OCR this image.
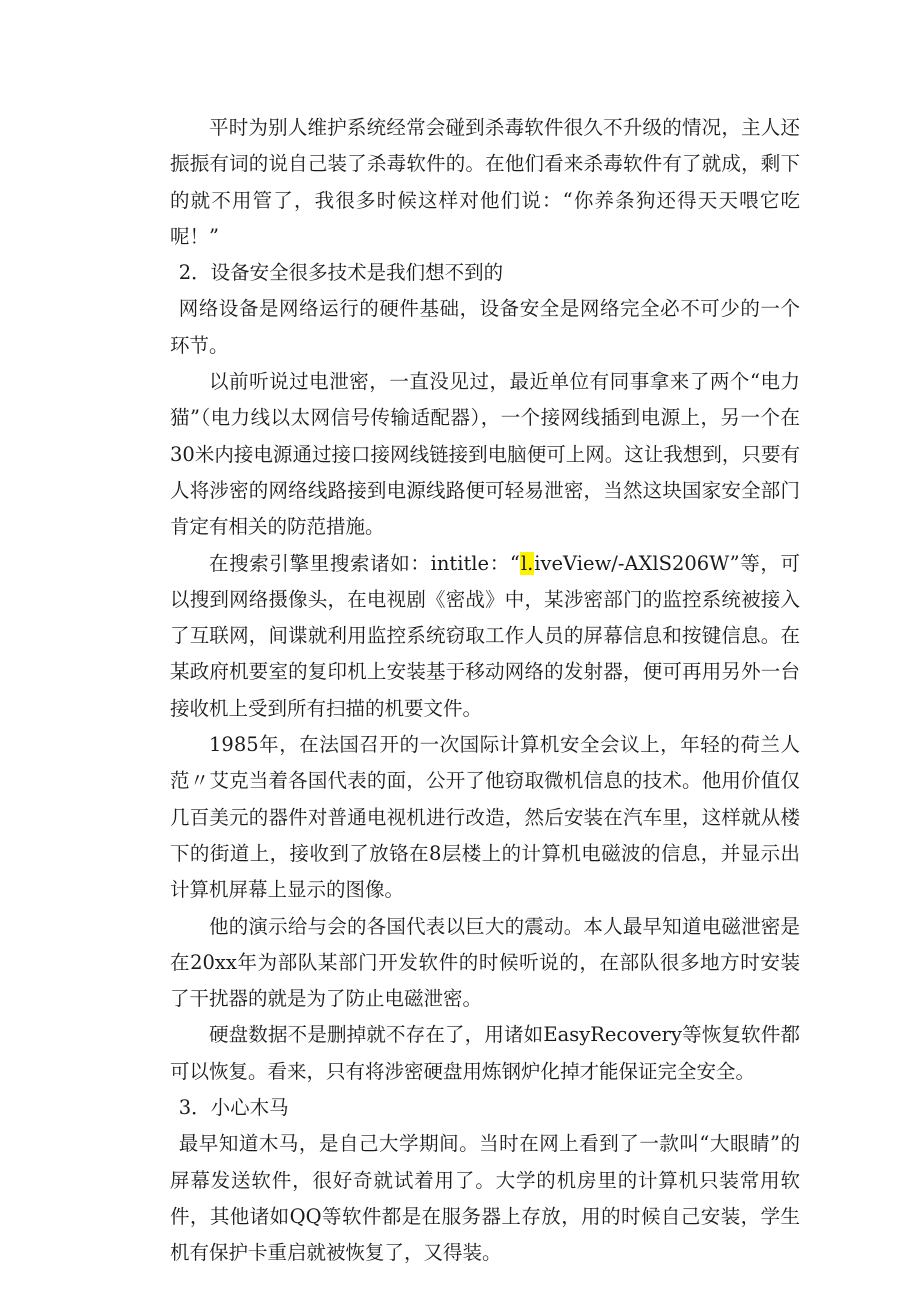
平时为别人维护系统经常会碰到杀毒软件很久不升级的情况，主人还振振有词的说自己装了杀毒软件的。在他们看来杀毒软件有了就成，剩下的就不用管了，我很多时候这样对他们说：“你养条狗还得天天喂它吃呢！”

2．设备安全很多技术是我们想不到的

网络设备是网络运行的硬件基础，设备安全是网络完全必不可少的一个环节。

以前听说过电泄密，一直没见过，最近单位有同事拿来了两个“电力猫”（电力线以太网信号传输适配器），一个接网线插到电源上，另一个在30米内接电源通过接口接网线链接到电脑便可上网。这让我想到，只要有人将涉密的网络线路接到电源线路便可轻易泄密，当然这块国家安全部门肯定有相关的防范措施。

在搜索引擎里搜索诸如：intitle：“l.iveView/-AXlS206W”等，可以搜到网络摄像头，在电视剧《密战》中，某涉密部门的监控系统被接入了互联网，间谍就利用监控系统窃取工作人员的屏幕信息和按键信息。在某政府机要室的复印机上安装基于移动网络的发射器，便可再用另外一台接收机上受到所有扫描的机要文件。

1985年，在法国召开的一次国际计算机安全会议上，年轻的荷兰人范〃艾克当着各国代表的面，公开了他窃取微机信息的技术。他用价值仅几百美元的器件对普通电视机进行改造，然后安装在汽车里，这样就从楼下的街道上，接收到了放铬在8层楼上的计算机电磁波的信息，并显示出计算机屏幕上显示的图像。

他的演示给与会的各国代表以巨大的震动。本人最早知道电磁泄密是在20xx年为部队某部门开发软件的时候听说的，在部队很多地方时安装了干扰器的就是为了防止电磁泄密。

硬盘数据不是删掉就不存在了，用诸如EasyRecovery等恢复软件都可以恢复。看来，只有将涉密硬盘用炼钢炉化掉才能保证完全安全。

3．小心木马

最早知道木马，是自己大学期间。当时在网上看到了一款叫“大眼睛”的屏幕发送软件，很好奇就试着用了。大学的机房里的计算机只装常用软件，其他诸如QQ等软件都是在服务器上存放，用的时候自己安装，学生机有保护卡重启就被恢复了，又得装。
